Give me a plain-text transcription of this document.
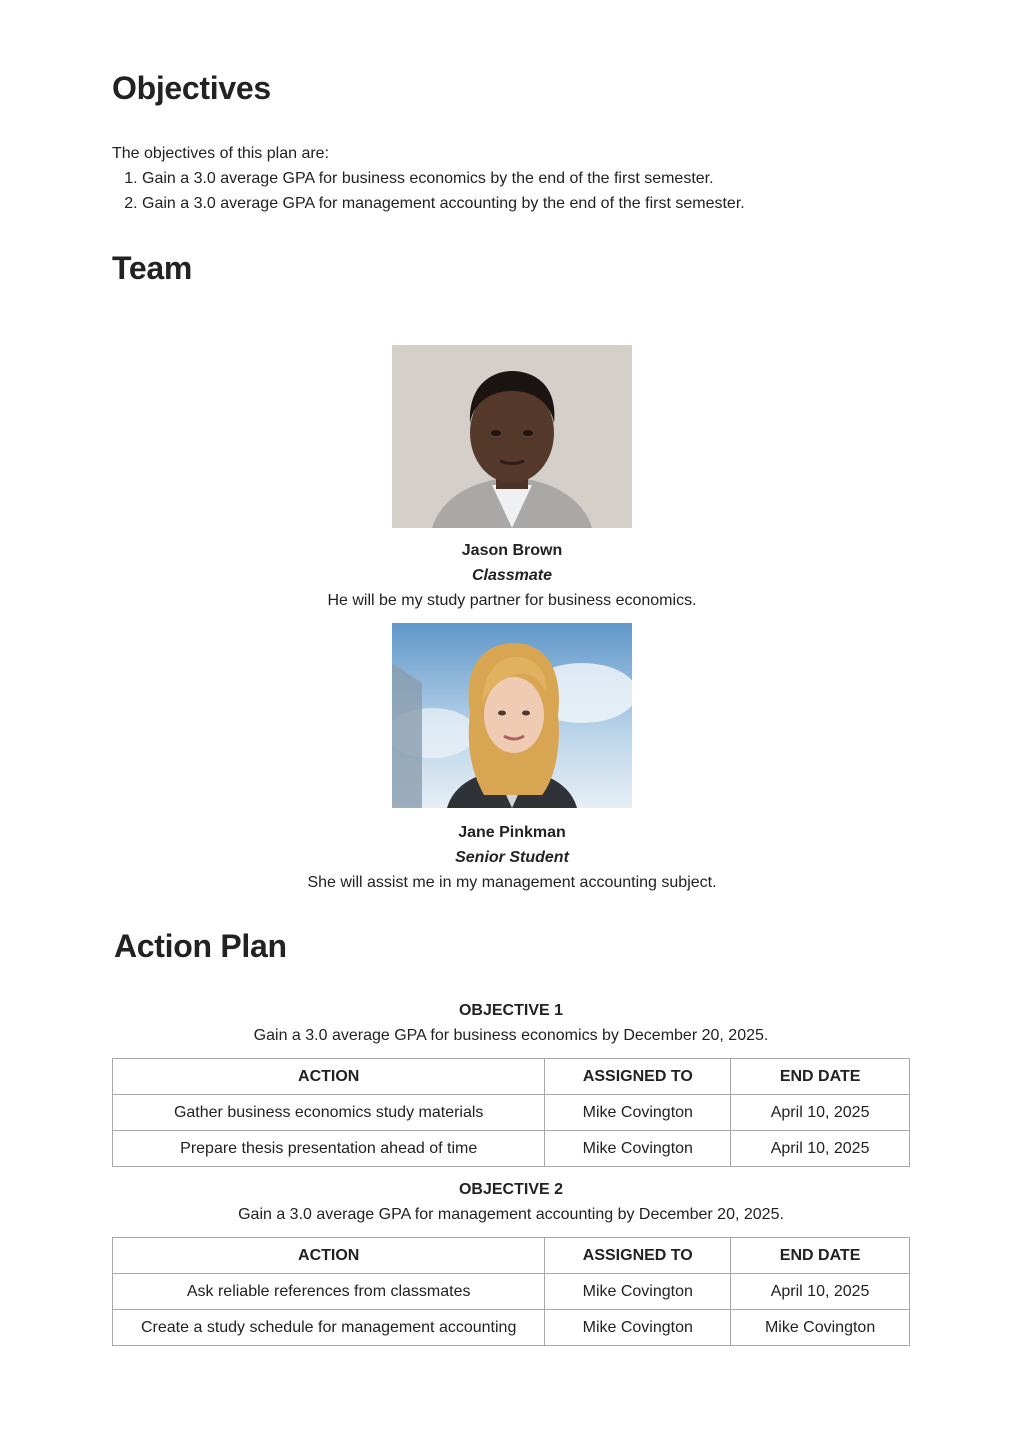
Objectives

The objectives of this plan are:

1. Gain a 3.0 average GPA for business economics by the end of the first semester.
2. Gain a 3.0 average GPA for management accounting by the end of the first semester.
Team
Jason Brown
Classmate
He will be my study partner for business economics.
Jane Pinkman
Senior Student
She will assist me in my management accounting subject.
Action Plan
OBJECTIVE 1
Gain a 3.0 average GPA for business economics by December 20, 2025.
ACTION	ASSIGNED TO	END DATE
Gather business economics study materials	Mike Covington	April 10, 2025
Prepare thesis presentation ahead of time	Mike Covington	April 10, 2025
OBJECTIVE 2
Gain a 3.0 average GPA for management accounting by December 20, 2025.
ACTION	ASSIGNED TO	END DATE
Ask reliable references from classmates	Mike Covington	April 10, 2025
Create a study schedule for management accounting	Mike Covington	Mike Covington
